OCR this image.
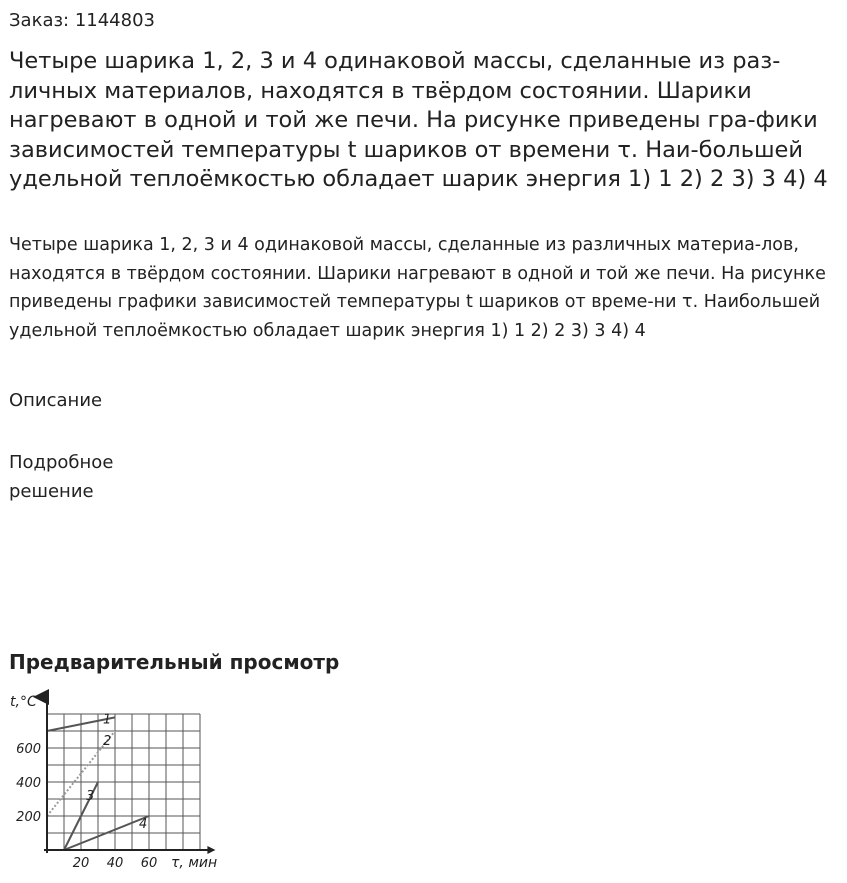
Заказ: 1144803
Четыре шарика 1, 2, 3 и 4 одинаковой массы, сделанные из раз-личных материалов, находятся в твёрдом состоянии. Шарики нагревают в одной и той же печи. На рисунке приведены гра-фики зависимостей температуры t шариков от времени τ. Наи-большей удельной теплоёмкостью обладает шарик энергия 1) 1 2) 2 3) 3 4) 4
Четыре шарика 1, 2, 3 и 4 одинаковой массы, сделанные из различных материа-лов, находятся в твёрдом состоянии. Шарики нагревают в одной и той же печи. На рисунке приведены графики зависимостей температуры t шариков от време-ни τ. Наибольшей удельной теплоёмкостью обладает шарик энергия 1) 1 2) 2 3) 3 4) 4
Описание
Подробное решение
Предварительный просмотр
1
2
3
4
20 40 60
200
400
600
t,°C
τ, мин
